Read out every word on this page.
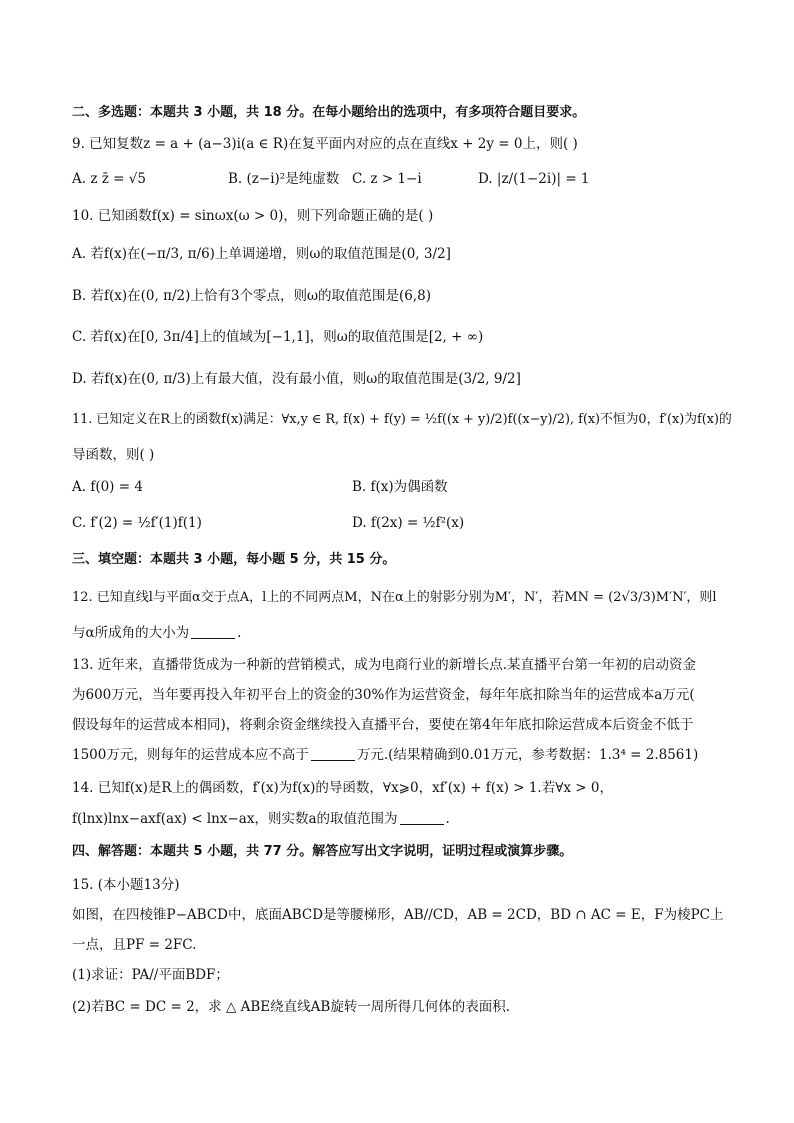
二、多选题：本题共 3 小题，共 18 分。在每小题给出的选项中，有多项符合题目要求。
9. 已知复数z = a + (a−3)i(a ∈ R)在复平面内对应的点在直线x + 2y = 0上，则( )
A. z z̄ = √5	B. (z−i)²是纯虚数 C. z > 1−i	D. |z/(1−2i)| = 1
10. 已知函数f(x) = sinωx(ω > 0)，则下列命题正确的是( )
A. 若f(x)在(−π/3, π/6)上单调递增，则ω的取值范围是(0, 3/2]
B. 若f(x)在(0, π/2)上恰有3个零点，则ω的取值范围是(6,8)
C. 若f(x)在[0, 3π/4]上的值域为[−1,1]，则ω的取值范围是[2, + ∞)
D. 若f(x)在(0, π/3)上有最大值，没有最小值，则ω的取值范围是(3/2, 9/2]
11. 已知定义在R上的函数f(x)满足：∀x,y ∈ R, f(x) + f(y) = ½f((x + y)/2)f((x−y)/2), f(x)不恒为0，f′(x)为f(x)的
导函数，则( )
A. f(0) = 4	B. f(x)为偶函数
C. f′(2) = ½f′(1)f(1)	D. f(2x) = ½f²(x)
三、填空题：本题共 3 小题，每小题 5 分，共 15 分。
12. 已知直线l与平面α交于点A，l上的不同两点M，N在α上的射影分别为M′，N′，若MN = (2√3/3)M′N′，则l
与α所成角的大小为	.
13. 近年来，直播带货成为一种新的营销模式，成为电商行业的新增长点.某直播平台第一年初的启动资金
为600万元，当年要再投入年初平台上的资金的30%作为运营资金，每年年底扣除当年的运营成本a万元(
假设每年的运营成本相同)，将剩余资金继续投入直播平台，要使在第4年年底扣除运营成本后资金不低于
1500万元，则每年的运营成本应不高于	万元.(结果精确到0.01万元，参考数据：1.3⁴ = 2.8561)
14. 已知f(x)是R上的偶函数，f′(x)为f(x)的导函数，∀x⩾0，xf′(x) + f(x) > 1.若∀x > 0，
f(lnx)lnx−axf(ax) < lnx−ax，则实数a的取值范围为	.
四、解答题：本题共 5 小题，共 77 分。解答应写出文字说明，证明过程或演算步骤。
15. (本小题13分)
如图，在四棱锥P−ABCD中，底面ABCD是等腰梯形，AB//CD，AB = 2CD，BD ∩ AC = E，F为棱PC上
一点，且PF = 2FC.
(1)求证：PA//平面BDF；
(2)若BC = DC = 2，求 △ ABE绕直线AB旋转一周所得几何体的表面积.
